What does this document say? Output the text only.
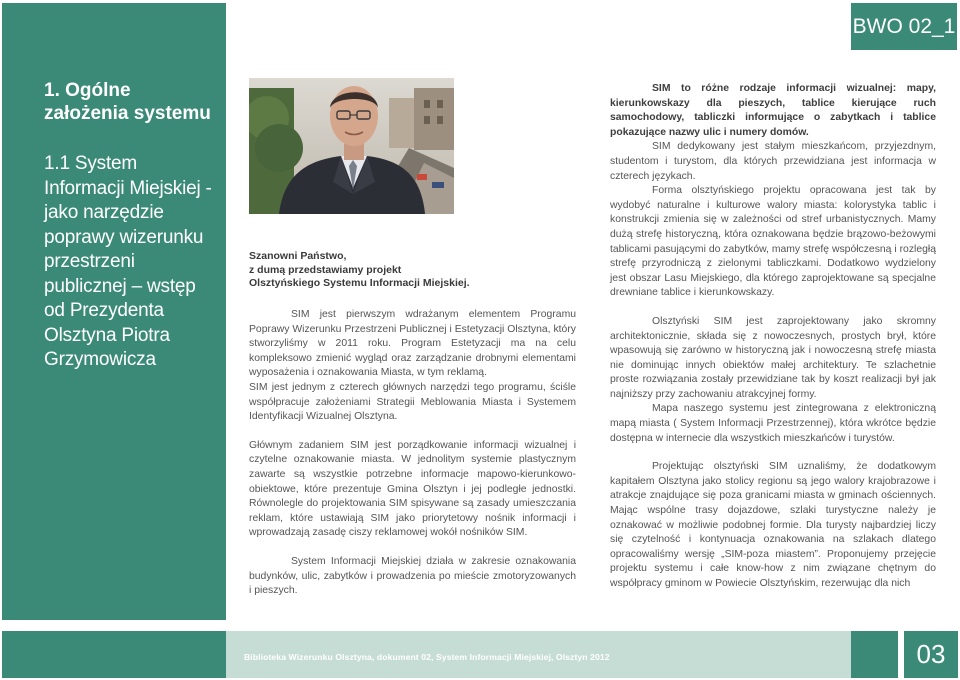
1. Ogólne założenia systemu
1.1 System Informacji Miejskiej - jako narzędzie poprawy wizerunku przestrzeni publicznej – wstęp od Prezydenta Olsztyna Piotra Grzymowicza
BWO 02_1
Szanowni Państwo,
z dumą przedstawiamy projekt
Olsztyńskiego Systemu Informacji Miejskiej.

SIM jest pierwszym wdrażanym elementem Programu Poprawy Wizerunku Przestrzeni Publicznej i Estetyzacji Olsztyna, który stworzyliśmy w 2011 roku. Program Estetyzacji ma na celu kompleksowo zmienić wygląd oraz zarządzanie drobnymi elementami wyposażenia i oznakowania Miasta, w tym reklamą.

SIM jest jednym z czterech głównych narzędzi tego programu, ściśle współpracuje założeniami Strategii Meblowania Miasta i Systemem Identyfikacji Wizualnej Olsztyna.

Głównym zadaniem SIM jest porządkowanie informacji wizualnej i czytelne oznakowanie miasta. W jednolitym systemie plastycznym zawarte są wszystkie potrzebne informacje mapowo-kierunkowo-obiektowe, które prezentuje Gmina Olsztyn i jej podległe jednostki. Równolegle do projektowania SIM spisywane są zasady umieszczania reklam, które ustawiają SIM jako priorytetowy nośnik informacji i wprowadzają zasadę ciszy reklamowej wokół nośników SIM.

System Informacji Miejskiej działa w zakresie oznakowania budynków, ulic, zabytków i prowadzenia po mieście zmotoryzowanych i pieszych.

SIM to różne rodzaje informacji wizualnej: mapy, kierunkowskazy dla pieszych, tablice kierujące ruch samochodowy, tabliczki informujące o zabytkach i tablice pokazujące nazwy ulic i numery domów.

SIM dedykowany jest stałym mieszkańcom, przyjezdnym, studentom i turystom, dla których przewidziana jest informacja w czterech językach.

Forma olsztyńskiego projektu opracowana jest tak by wydobyć naturalne i kulturowe walory miasta: kolorystyka tablic i konstrukcji zmienia się w zależności od stref urbanistycznych. Mamy dużą strefę historyczną, która oznakowana będzie brązowo-beżowymi tablicami pasującymi do zabytków, mamy strefę współczesną i rozległą strefę przyrodniczą z zielonymi tabliczkami. Dodatkowo wydzielony jest obszar Lasu Miejskiego, dla którego zaprojektowane są specjalne drewniane tablice i kierunkowskazy.

Olsztyński SIM jest zaprojektowany jako skromny architektonicznie, składa się z nowoczesnych, prostych brył, które wpasowują się zarówno w historyczną jak i nowoczesną strefę miasta nie dominując innych obiektów małej architektury. Te szlachetnie proste rozwiązania zostały przewidziane tak by koszt realizacji był jak najniższy przy zachowaniu atrakcyjnej formy.

Mapa naszego systemu jest zintegrowana z elektroniczną mapą miasta ( System Informacji Przestrzennej), która wkrótce będzie dostępna w internecie dla wszystkich mieszkańców i turystów.

Projektując olsztyński SIM uznaliśmy, że dodatkowym kapitałem Olsztyna jako stolicy regionu są jego walory krajobrazowe i atrakcje znajdujące się poza granicami miasta w gminach ościennych. Mając wspólne trasy dojazdowe, szlaki turystyczne należy je oznakować w możliwie podobnej formie. Dla turysty najbardziej liczy się czytelność i kontynuacja oznakowania na szlakach dlatego opracowaliśmy wersję „SIM-poza miastem”. Proponujemy przejęcie projektu systemu i całe know-how z nim związane chętnym do współpracy gminom w Powiecie Olsztyńskim, rezerwując dla nich

Biblioteka Wizerunku Olsztyna, dokument 02, System Informacji Miejskiej, Olsztyn 2012	03
